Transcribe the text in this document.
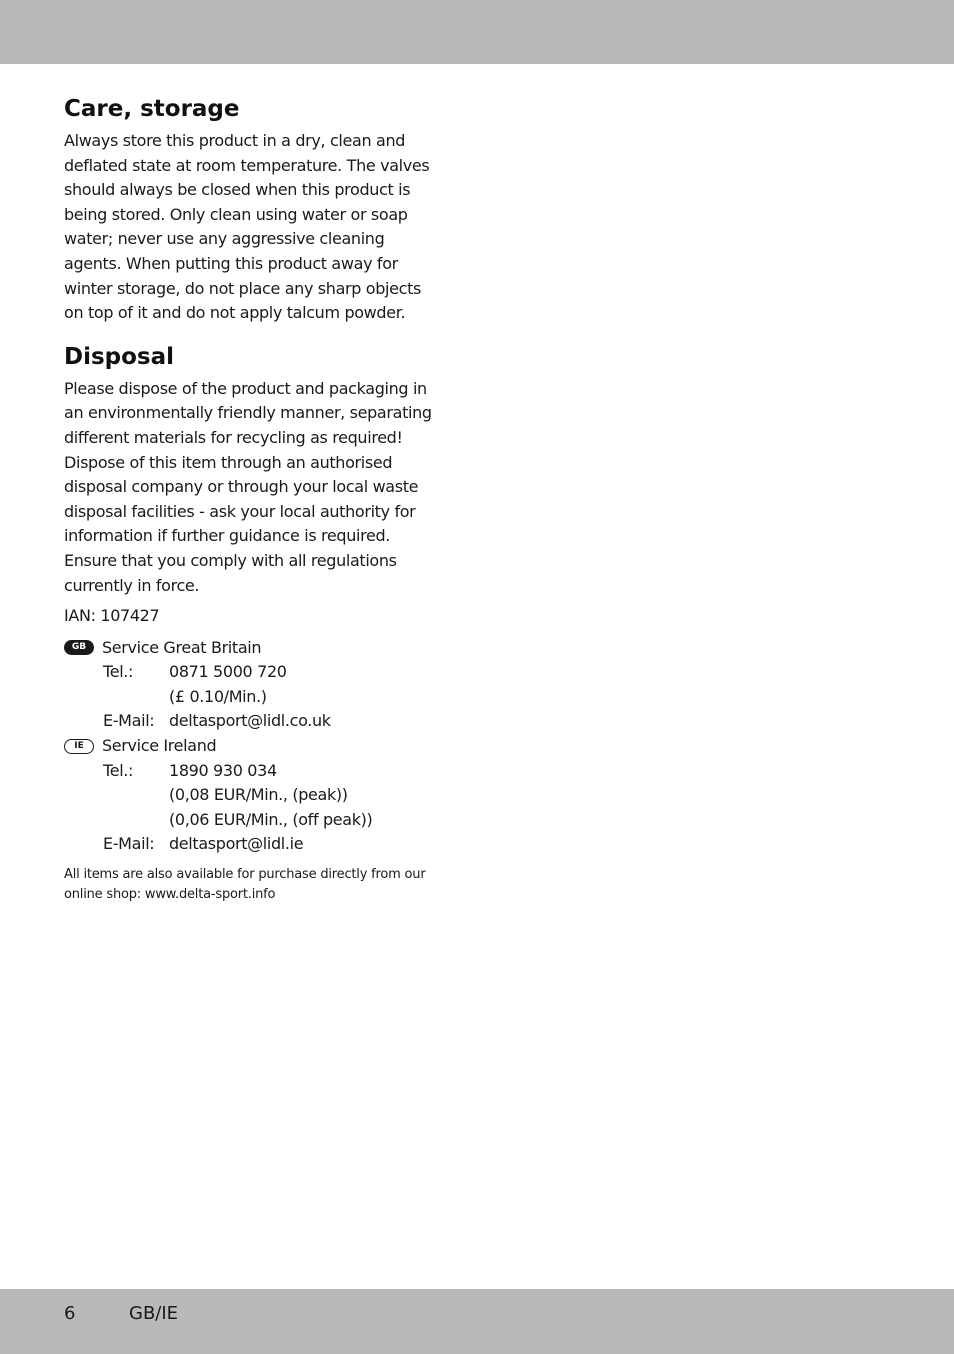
Care, storage

Always store this product in a dry, clean and
deflated state at room temperature. The valves
should always be closed when this product is
being stored. Only clean using water or soap
water; never use any aggressive cleaning
agents. When putting this product away for
winter storage, do not place any sharp objects
on top of it and do not apply talcum powder.

Disposal

Please dispose of the product and packaging in
an environmentally friendly manner, separating
different materials for recycling as required!
Dispose of this item through an authorised
disposal company or through your local waste
disposal facilities - ask your local authority for
information if further guidance is required.
Ensure that you comply with all regulations
currently in force.

IAN: 107427
GB Service Great Britain
Tel.:	0871 5000 720
(£ 0.10/Min.)
E-Mail: deltasport@lidl.co.uk
IE	Service Ireland
Tel.:	1890 930 034
(0,08 EUR/Min., (peak))
(0,06 EUR/Min., (off peak))
E-Mail: deltasport@lidl.ie
All items are also available for purchase directly from our
online shop: www.delta-sport.info
6	GB/IE
